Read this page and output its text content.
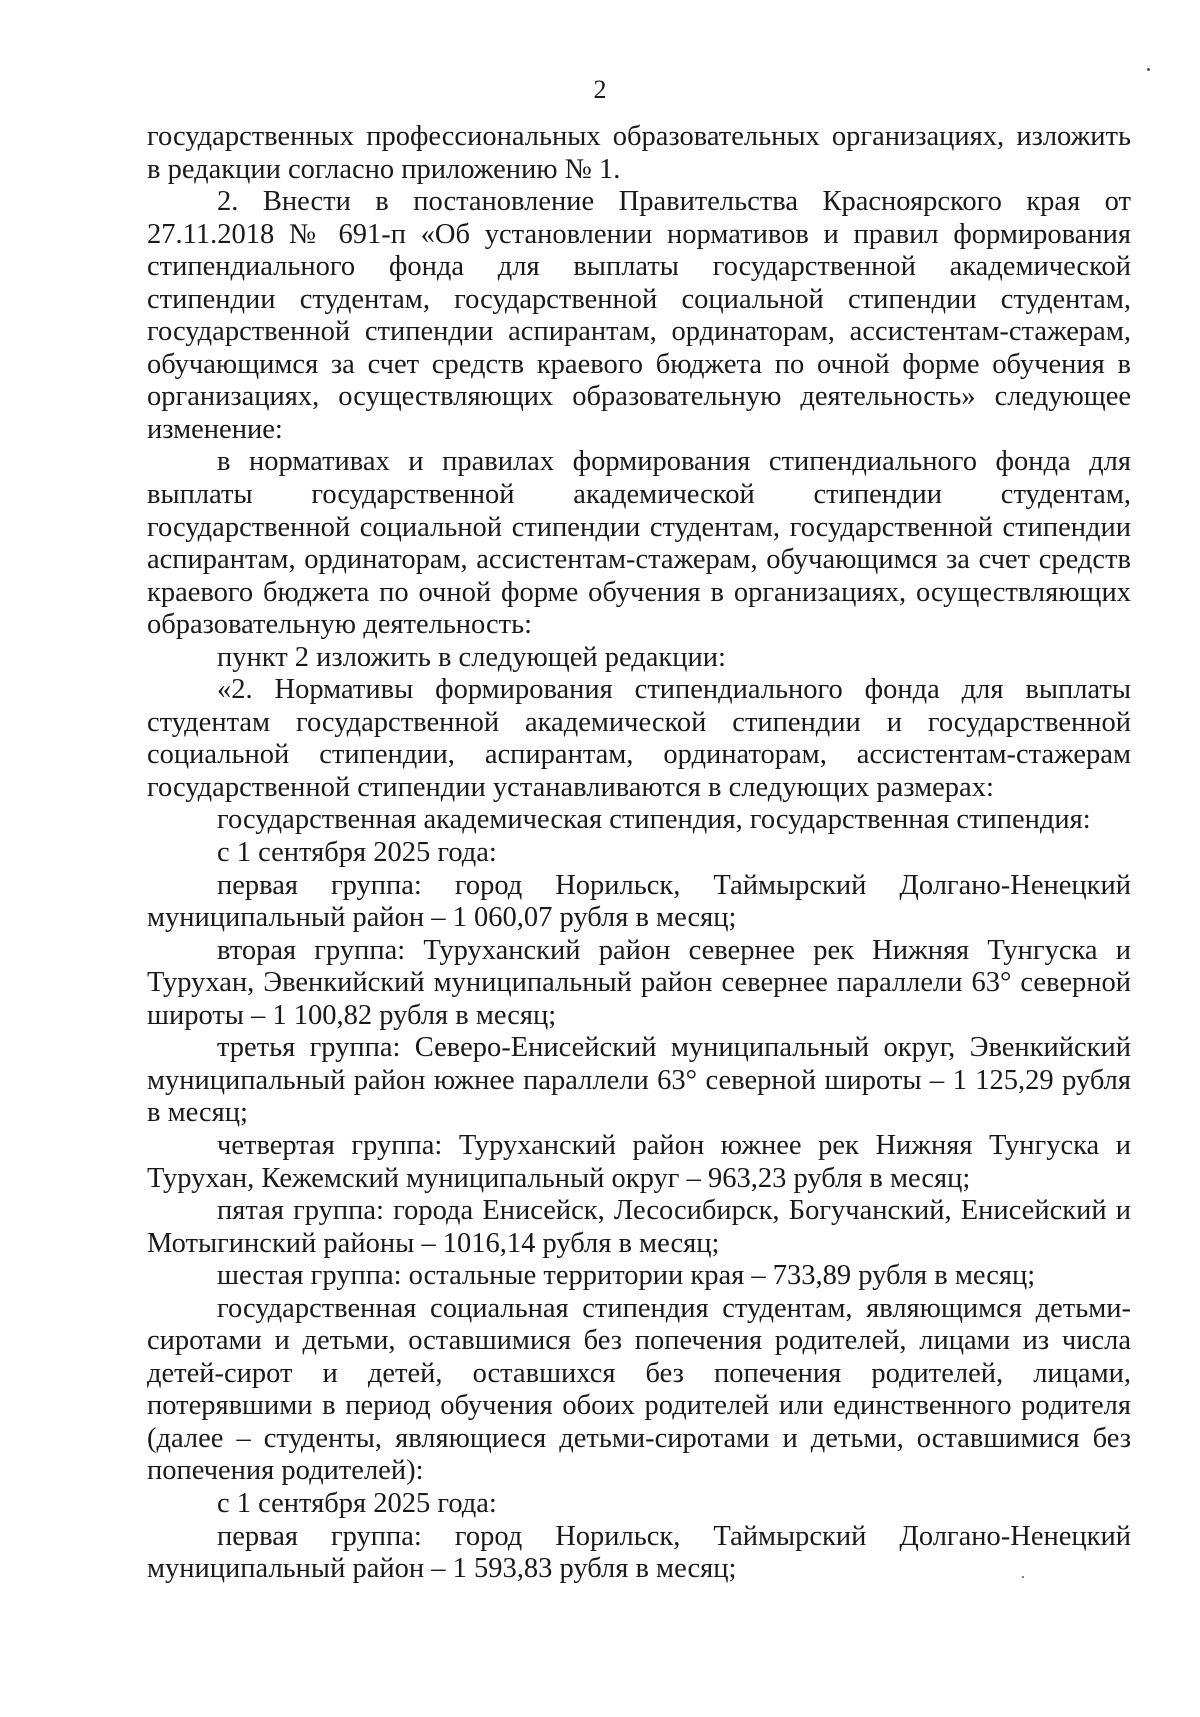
2

государственных профессиональных образовательных организациях, изложить в редакции согласно приложению № 1.

2. Внести в постановление Правительства Красноярского края от 27.11.2018 № 691-п «Об установлении нормативов и правил формирования стипендиального фонда для выплаты государственной академической стипендии студентам, государственной социальной стипендии студентам, государственной стипендии аспирантам, ординаторам, ассистентам-стажерам, обучающимся за счет средств краевого бюджета по очной форме обучения в организациях, осуществляющих образовательную деятельность» следующее изменение:

в нормативах и правилах формирования стипендиального фонда для выплаты государственной академической стипендии студентам, государственной социальной стипендии студентам, государственной стипендии аспирантам, ординаторам, ассистентам-стажерам, обучающимся за счет средств краевого бюджета по очной форме обучения в организациях, осуществляющих образовательную деятельность:

пункт 2 изложить в следующей редакции:

«2. Нормативы формирования стипендиального фонда для выплаты студентам государственной академической стипендии и государственной социальной стипендии, аспирантам, ординаторам, ассистентам-стажерам государственной стипендии устанавливаются в следующих размерах:

государственная академическая стипендия, государственная стипендия:

с 1 сентября 2025 года:

первая группа: город Норильск, Таймырский Долгано-Ненецкий муниципальный район – 1 060,07 рубля в месяц;

вторая группа: Туруханский район севернее рек Нижняя Тунгуска и Турухан, Эвенкийский муниципальный район севернее параллели 63° северной широты – 1 100,82 рубля в месяц;

третья группа: Северо-Енисейский муниципальный округ, Эвенкийский муниципальный район южнее параллели 63° северной широты – 1 125,29 рубля в месяц;

четвертая группа: Туруханский район южнее рек Нижняя Тунгуска и Турухан, Кежемский муниципальный округ – 963,23 рубля в месяц;

пятая группа: города Енисейск, Лесосибирск, Богучанский, Енисейский и Мотыгинский районы – 1016,14 рубля в месяц;

шестая группа: остальные территории края – 733,89 рубля в месяц;

государственная социальная стипендия студентам, являющимся детьми-сиротами и детьми, оставшимися без попечения родителей, лицами из числа детей-сирот и детей, оставшихся без попечения родителей, лицами, потерявшими в период обучения обоих родителей или единственного родителя (далее – студенты, являющиеся детьми-сиротами и детьми, оставшимися без попечения родителей):

с 1 сентября 2025 года:

первая группа: город Норильск, Таймырский Долгано-Ненецкий муниципальный район – 1 593,83 рубля в месяц;
